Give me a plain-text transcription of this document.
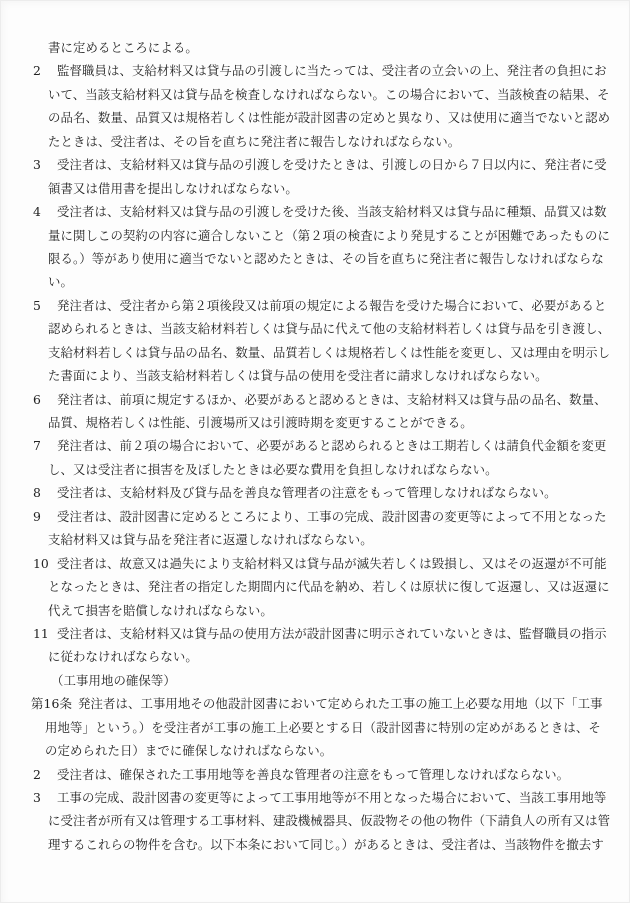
書に定めるところによる。
2 監督職員は、支給材料又は貸与品の引渡しに当たっては、受注者の立会いの上、発注者の負担にお
いて、当該支給材料又は貸与品を検査しなければならない。この場合において、当該検査の結果、そ
の品名、数量、品質又は規格若しくは性能が設計図書の定めと異なり、又は使用に適当でないと認め
たときは、受注者は、その旨を直ちに発注者に報告しなければならない。
3 受注者は、支給材料又は貸与品の引渡しを受けたときは、引渡しの日から７日以内に、発注者に受
領書又は借用書を提出しなければならない。
4 受注者は、支給材料又は貸与品の引渡しを受けた後、当該支給材料又は貸与品に種類、品質又は数
量に関しこの契約の内容に適合しないこと（第２項の検査により発見することが困難であったものに
限る。）等があり使用に適当でないと認めたときは、その旨を直ちに発注者に報告しなければならな
い。
5 発注者は、受注者から第２項後段又は前項の規定による報告を受けた場合において、必要があると
認められるときは、当該支給材料若しくは貸与品に代えて他の支給材料若しくは貸与品を引き渡し、
支給材料若しくは貸与品の品名、数量、品質若しくは規格若しくは性能を変更し、又は理由を明示し
た書面により、当該支給材料若しくは貸与品の使用を受注者に請求しなければならない。
6 発注者は、前項に規定するほか、必要があると認めるときは、支給材料又は貸与品の品名、数量、
品質、規格若しくは性能、引渡場所又は引渡時期を変更することができる。
7 発注者は、前２項の場合において、必要があると認められるときは工期若しくは請負代金額を変更
し、又は受注者に損害を及ぼしたときは必要な費用を負担しなければならない。
8 受注者は、支給材料及び貸与品を善良な管理者の注意をもって管理しなければならない。
9 受注者は、設計図書に定めるところにより、工事の完成、設計図書の変更等によって不用となった
支給材料又は貸与品を発注者に返還しなければならない。
10 受注者は、故意又は過失により支給材料又は貸与品が滅失若しくは毀損し、又はその返還が不可能
となったときは、発注者の指定した期間内に代品を納め、若しくは原状に復して返還し、又は返還に
代えて損害を賠償しなければならない。
11 受注者は、支給材料又は貸与品の使用方法が設計図書に明示されていないときは、監督職員の指示
に従わなければならない。
（工事用地の確保等）
第16条 発注者は、工事用地その他設計図書において定められた工事の施工上必要な用地（以下「工事
用地等」という。）を受注者が工事の施工上必要とする日（設計図書に特別の定めがあるときは、そ
の定められた日）までに確保しなければならない。
2 受注者は、確保された工事用地等を善良な管理者の注意をもって管理しなければならない。
3 工事の完成、設計図書の変更等によって工事用地等が不用となった場合において、当該工事用地等
に受注者が所有又は管理する工事材料、建設機械器具、仮設物その他の物件（下請負人の所有又は管
理するこれらの物件を含む。以下本条において同じ。）があるときは、受注者は、当該物件を撤去す
